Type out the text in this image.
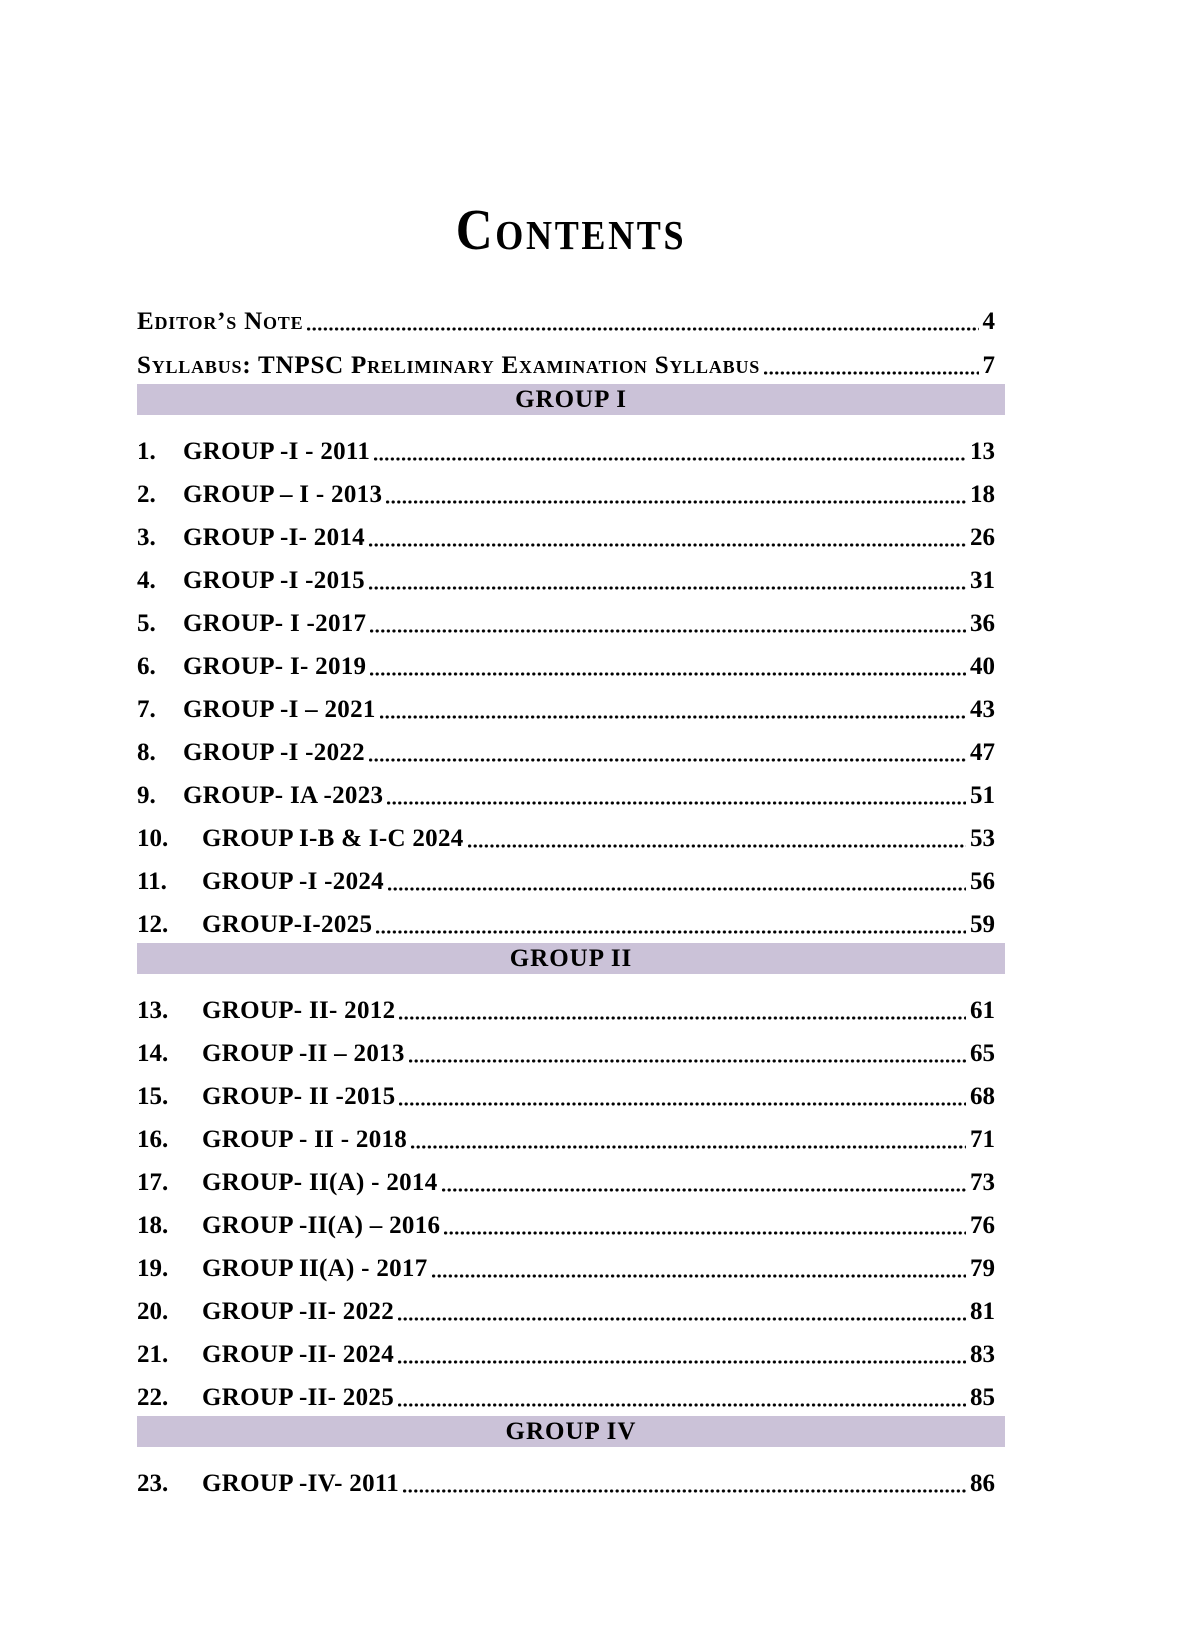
Contents
Editor’s Note	4
Syllabus: TNPSC Preliminary Examination Syllabus	7
GROUP I
1.	GROUP -I - 2011	13
2.	GROUP – I - 2013	18
3.	GROUP -I- 2014	26
4.	GROUP -I -2015	31
5.	GROUP- I -2017	36
6.	GROUP- I- 2019	40
7.	GROUP -I – 2021	43
8.	GROUP -I -2022	47
9.	GROUP- IA -2023	51
10.	GROUP I-B & I-C 2024	53
11.	GROUP -I -2024	56
12.	GROUP-I-2025	59
GROUP II
13.	GROUP- II- 2012	61
14.	GROUP -II – 2013	65
15.	GROUP- II -2015	68
16.	GROUP - II - 2018	71
17.	GROUP- II(A) - 2014	73
18.	GROUP -II(A) – 2016	76
19.	GROUP II(A) - 2017	79
20.	GROUP -II- 2022	81
21.	GROUP -II- 2024	83
22.	GROUP -II- 2025	85
GROUP IV
23.	GROUP -IV- 2011	86
